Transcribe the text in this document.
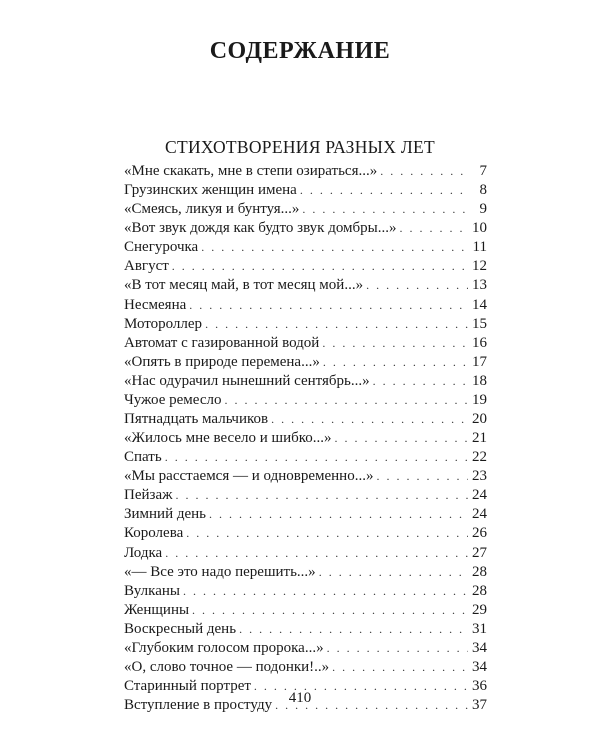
СОДЕРЖАНИЕ
СТИХОТВОРЕНИЯ РАЗНЫХ ЛЕТ
«Мне скакать, мне в степи озираться...» . . .	7
Грузинских женщин имена . . .	8
«Смеясь, ликуя и бунтуя...» . . .	9
«Вот звук дождя как будто звук домбры...» . . .	10
Снегурочка . . .	11
Август . . .	12
«В тот месяц май, в тот месяц мой...» . . .	13
Несмеяна . . .	14
Мотороллер . . .	15
Автомат с газированной водой . . .	16
«Опять в природе перемена...» . . .	17
«Нас одурачил нынешний сентябрь...» . . .	18
Чужое ремесло . . .	19
Пятнадцать мальчиков . . .	20
«Жилось мне весело и шибко...» . . .	21
Спать . . .	22
«Мы расстаемся — и одновременно...» . . .	23
Пейзаж . . .	24
Зимний день . . .	24
Королева . . .	26
Лодка . . .	27
«— Все это надо перешить...» . . .	28
Вулканы . . .	28
Женщины . . .	29
Воскресный день . . .	31
«Глубоким голосом пророка...» . . .	34
«О, слово точное — подонки!..» . . .	34
Старинный портрет . . .	36
Вступление в простуду . . .	37
410
